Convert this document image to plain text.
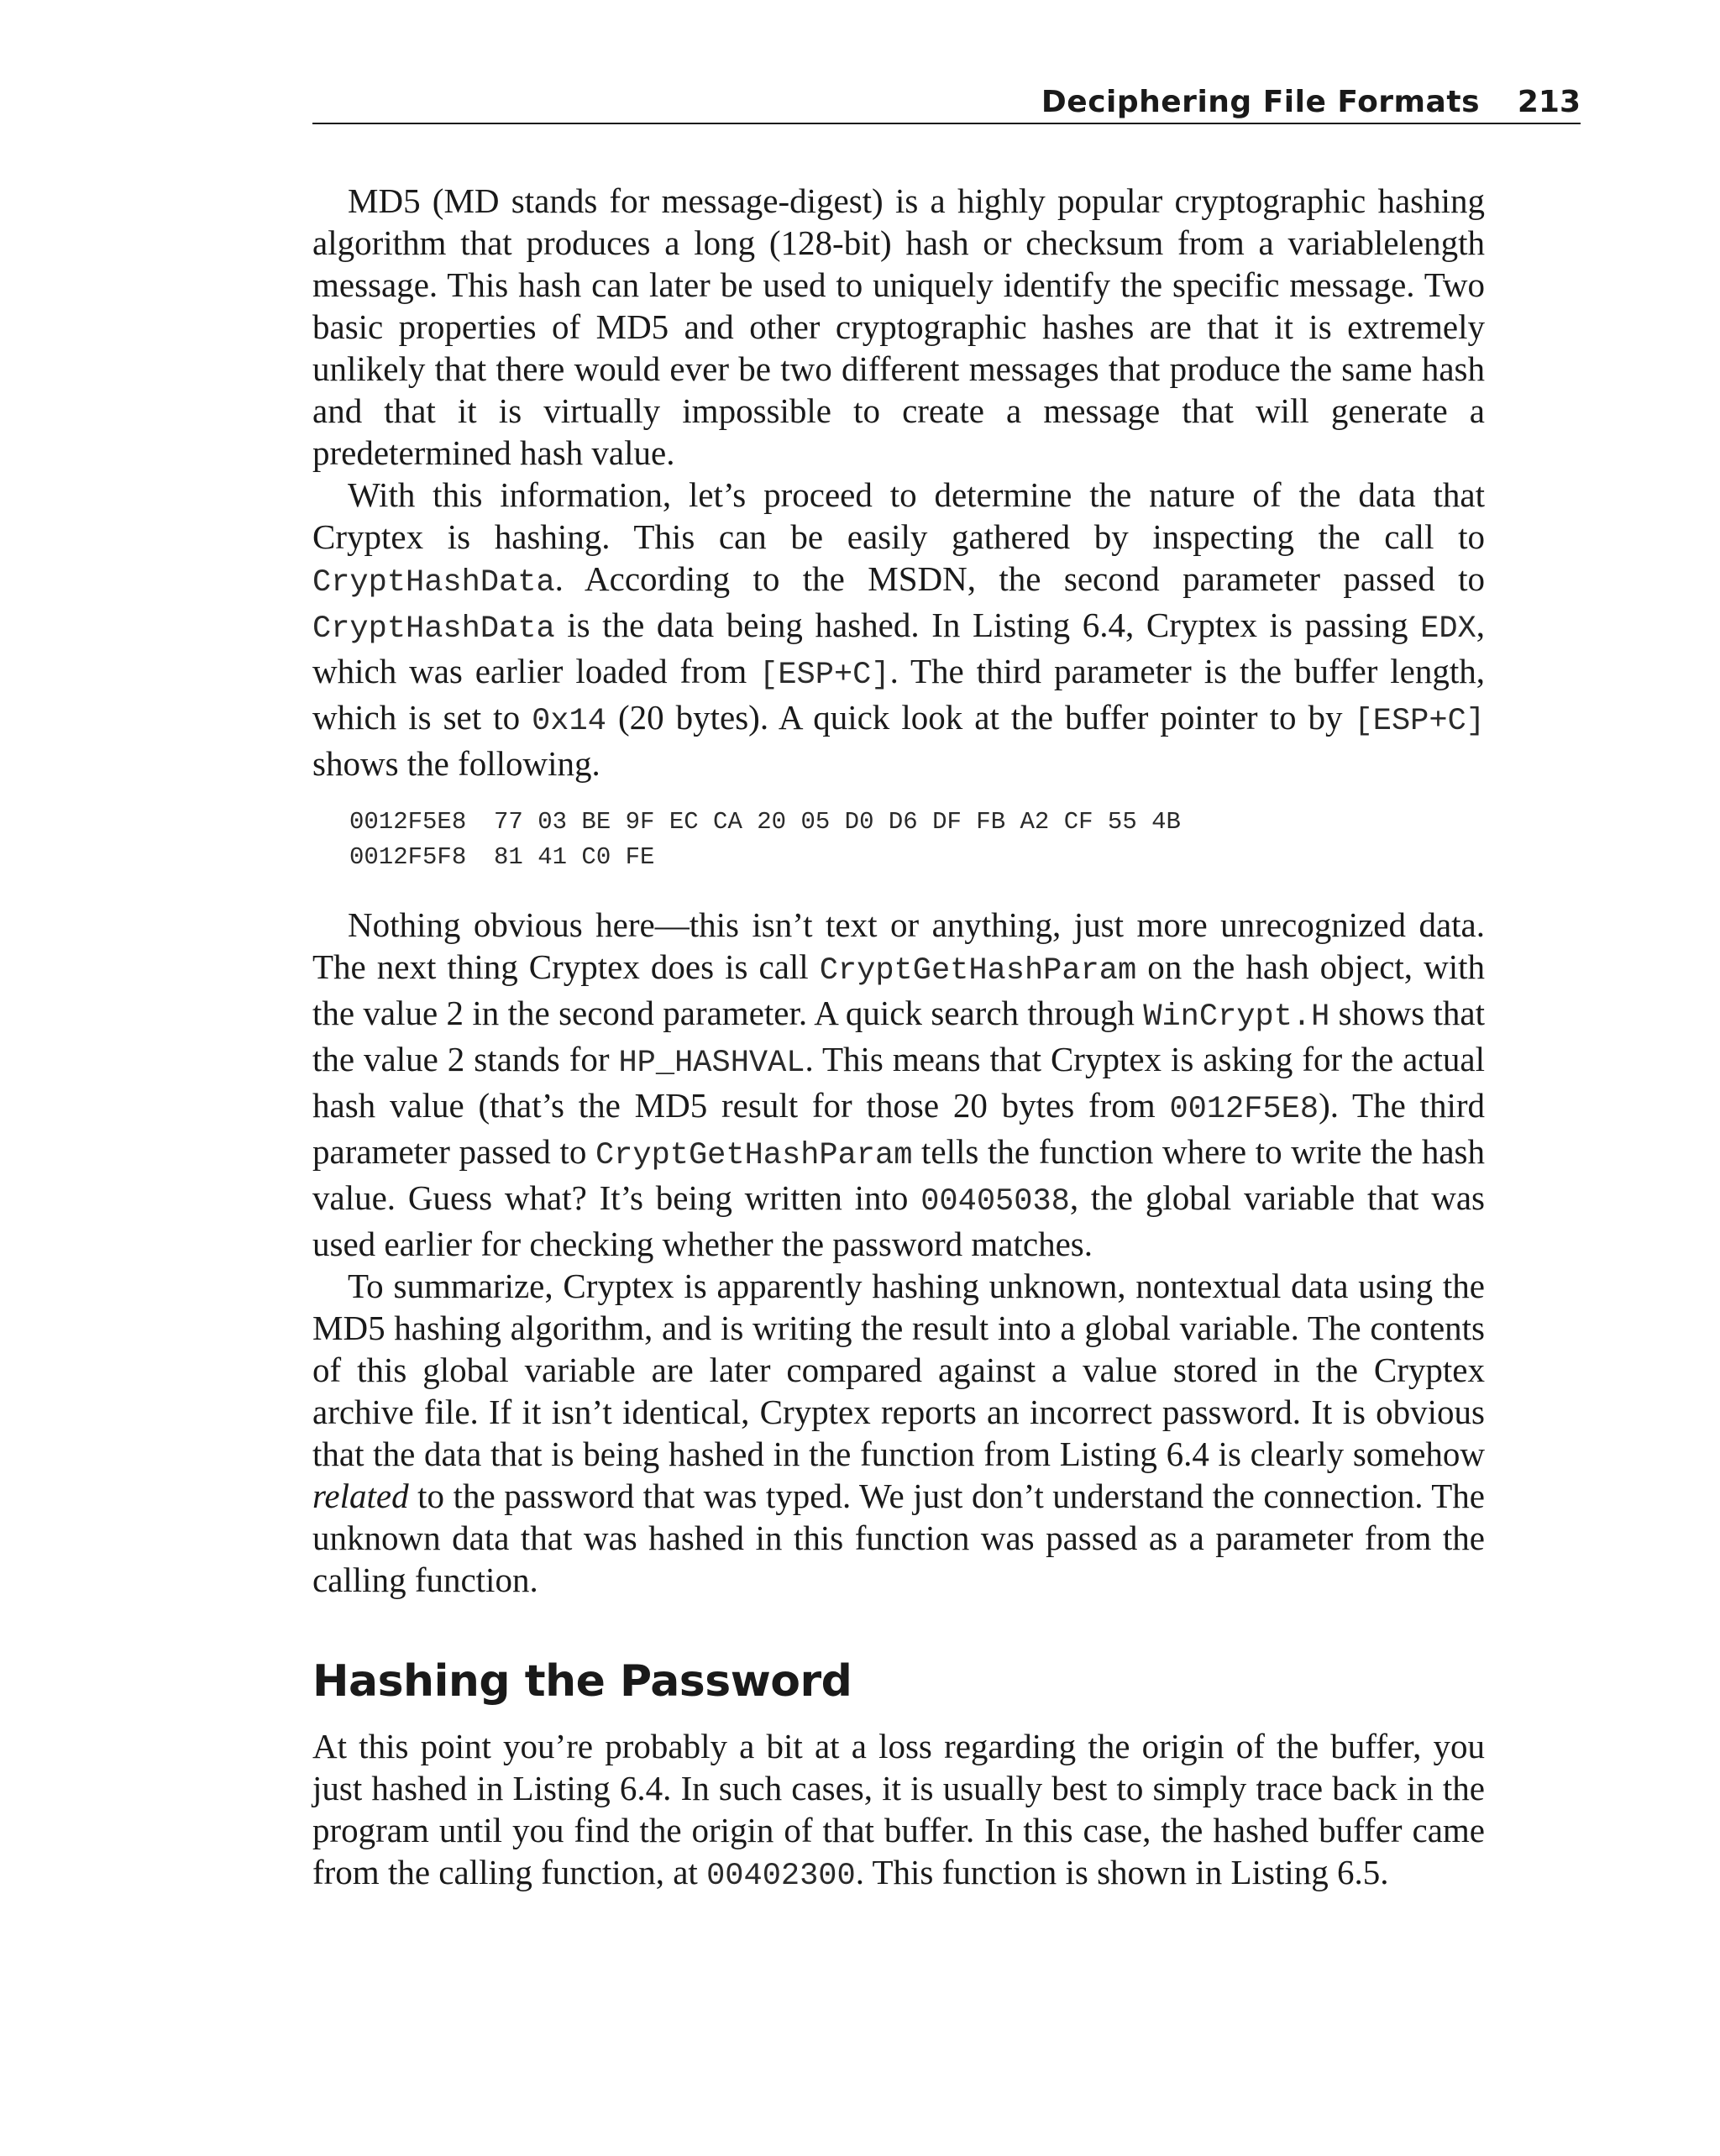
Deciphering File Formats 213

MD5 (MD stands for message-digest) is a highly popular cryptographic hashing algorithm that produces a long (128-bit) hash or checksum from a variablelength message. This hash can later be used to uniquely identify the specific message. Two basic properties of MD5 and other cryptographic hashes are that it is extremely unlikely that there would ever be two different messages that produce the same hash and that it is virtually impossible to create a message that will generate a predetermined hash value.

With this information, let’s proceed to determine the nature of the data that Cryptex is hashing. This can be easily gathered by inspecting the call to CryptHashData. According to the MSDN, the second parameter passed to CryptHashData is the data being hashed. In Listing 6.4, Cryptex is passing EDX, which was earlier loaded from [ESP+C]. The third parameter is the buffer length, which is set to 0x14 (20 bytes). A quick look at the buffer pointer to by [ESP+C] shows the following.

0012F5E8	77 03 BE 9F EC CA 20 05 D0 D6 DF FB A2 CF 55 4B
0012F5F8	81 41 C0 FE

Nothing obvious here—this isn’t text or anything, just more unrecognized data. The next thing Cryptex does is call CryptGetHashParam on the hash object, with the value 2 in the second parameter. A quick search through WinCrypt.H shows that the value 2 stands for HP_HASHVAL. This means that Cryptex is asking for the actual hash value (that’s the MD5 result for those 20 bytes from 0012F5E8). The third parameter passed to CryptGetHashParam tells the function where to write the hash value. Guess what? It’s being written into 00405038, the global variable that was used earlier for checking whether the password matches.

To summarize, Cryptex is apparently hashing unknown, nontextual data using the MD5 hashing algorithm, and is writing the result into a global variable. The contents of this global variable are later compared against a value stored in the Cryptex archive file. If it isn’t identical, Cryptex reports an incorrect password. It is obvious that the data that is being hashed in the function from Listing 6.4 is clearly somehow related to the password that was typed. We just don’t understand the connection. The unknown data that was hashed in this function was passed as a parameter from the calling function.

Hashing the Password

At this point you’re probably a bit at a loss regarding the origin of the buffer, you just hashed in Listing 6.4. In such cases, it is usually best to simply trace back in the program until you find the origin of that buffer. In this case, the hashed buffer came from the calling function, at 00402300. This function is shown in Listing 6.5.
